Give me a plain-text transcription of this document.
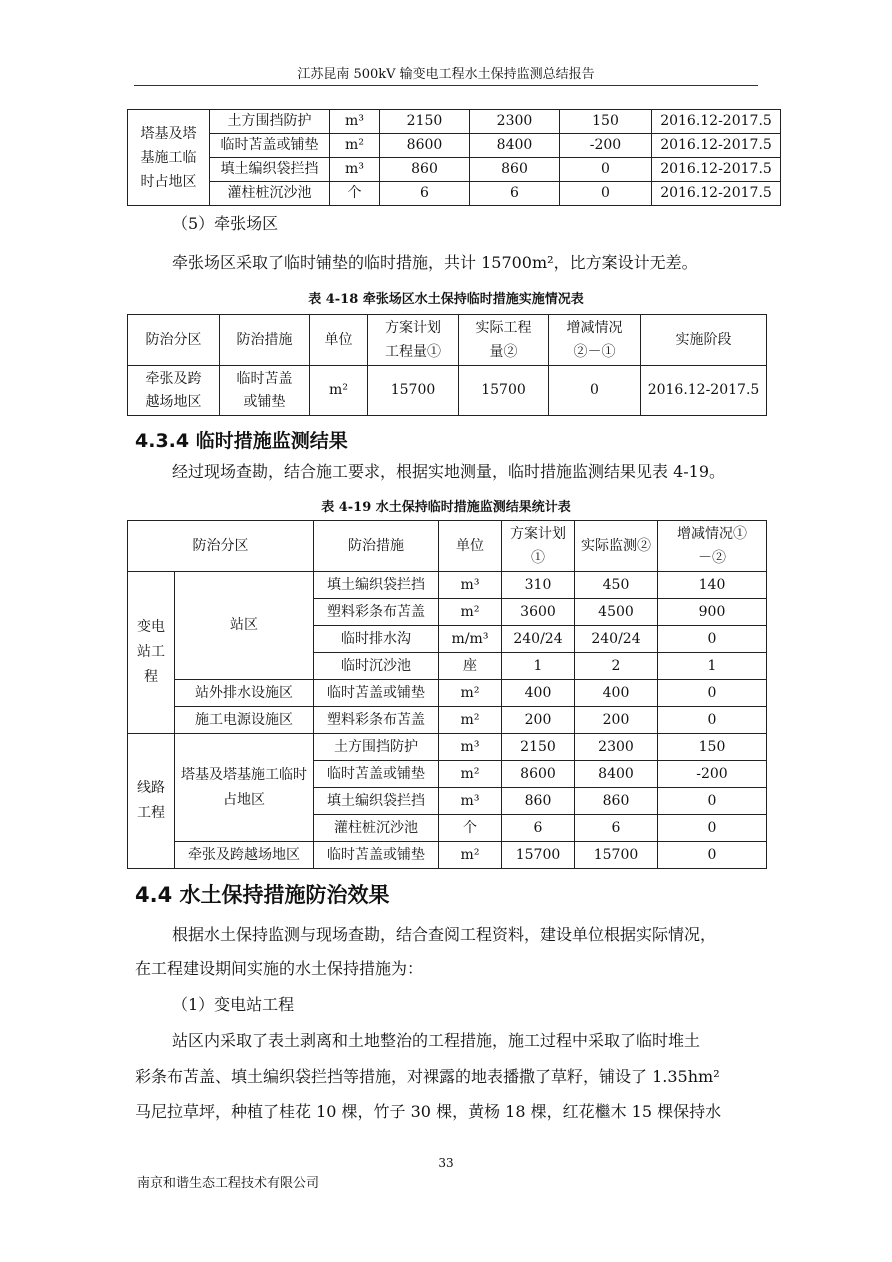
江苏昆南 500kV 输变电工程水土保持监测总结报告
塔基及塔基施工临时占地区	土方围挡防护	m³	2150	2300	150	2016.12-2017.5
	临时苫盖或铺垫	m²	8600	8400	-200	2016.12-2017.5
	填土编织袋拦挡	m³	860	860	0	2016.12-2017.5
	灌柱桩沉沙池	个	6	6	0	2016.12-2017.5
（5）牵张场区
牵张场区采取了临时铺垫的临时措施，共计 15700m²，比方案设计无差。
表 4-18 牵张场区水土保持临时措施实施情况表
防治分区	防治措施	单位	方案计划工程量①	实际工程量②	增减情况②－①	实施阶段
牵张及跨越场地区	临时苫盖或铺垫	m²	15700	15700	0	2016.12-2017.5
4.3.4 临时措施监测结果
经过现场查勘，结合施工要求，根据实地测量，临时措施监测结果见表 4-19。
表 4-19 水土保持临时措施监测结果统计表
防治分区		防治措施	单位	方案计划①	实际监测②	增减情况①－②
变电站工程	站区	填土编织袋拦挡	m³	310	450	140
		塑料彩条布苫盖	m²	3600	4500	900
		临时排水沟	m/m³	240/24	240/24	0
		临时沉沙池	座	1	2	1
	站外排水设施区	临时苫盖或铺垫	m²	400	400	0
	施工电源设施区	塑料彩条布苫盖	m²	200	200	0
线路工程	塔基及塔基施工临时占地区	土方围挡防护	m³	2150	2300	150
		临时苫盖或铺垫	m²	8600	8400	-200
		填土编织袋拦挡	m³	860	860	0
		灌柱桩沉沙池	个	6	6	0
	牵张及跨越场地区	临时苫盖或铺垫	m²	15700	15700	0
4.4 水土保持措施防治效果
根据水土保持监测与现场查勘，结合查阅工程资料，建设单位根据实际情况，
在工程建设期间实施的水土保持措施为：
（1）变电站工程
站区内采取了表土剥离和土地整治的工程措施，施工过程中采取了临时堆土
彩条布苫盖、填土编织袋拦挡等措施，对裸露的地表播撒了草籽，铺设了 1.35hm²
马尼拉草坪，种植了桂花 10 棵，竹子 30 棵，黄杨 18 棵，红花檵木 15 棵保持水
33
南京和谐生态工程技术有限公司
